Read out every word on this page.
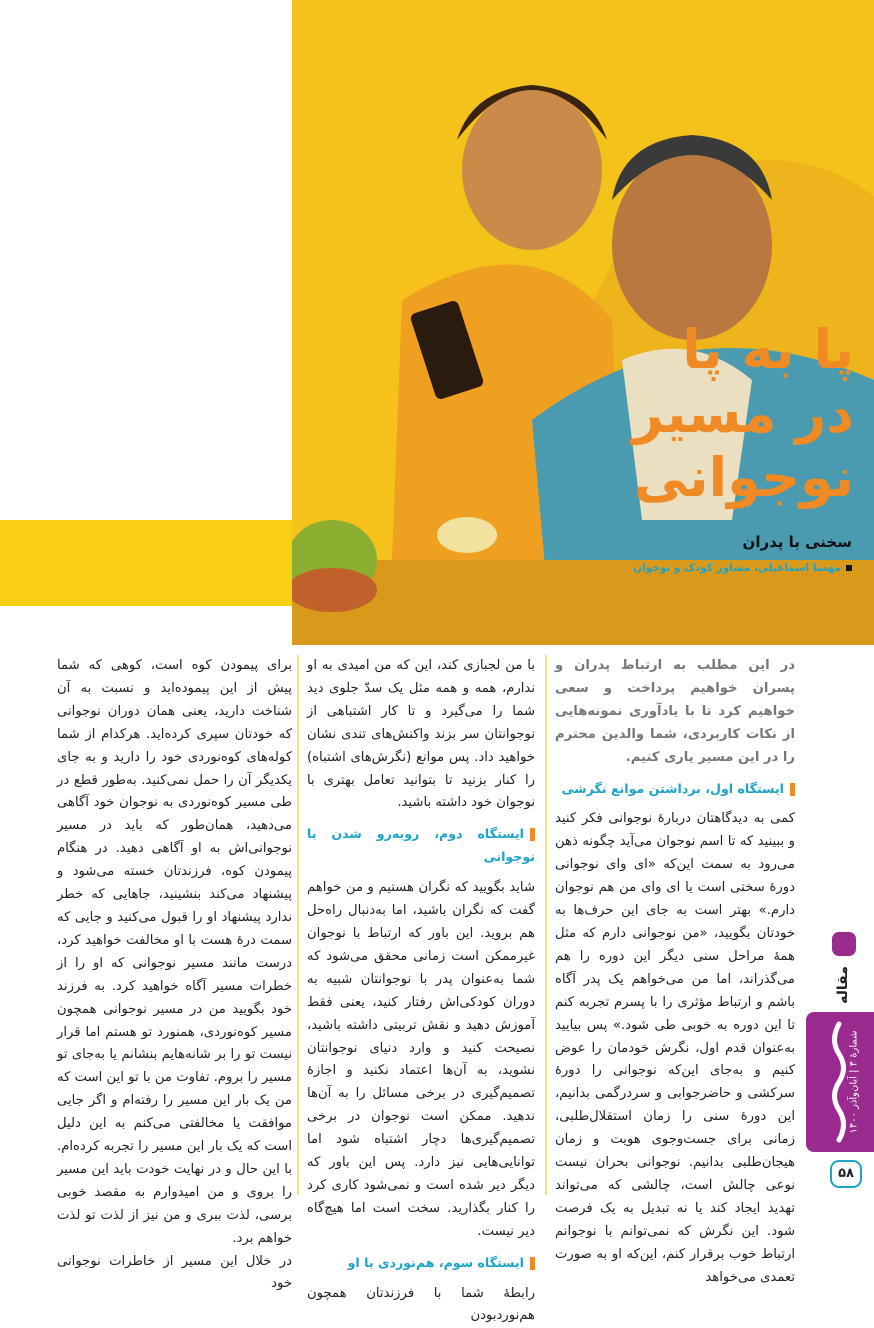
پا به پا
در مسیر
نوجوانی
سخنی با پدران
مهسا اسماعیلی، مشاور کودک و نوجوان

در این مطلب به ارتباط پدران و پسران خواهیم پرداخت و سعی خواهیم کرد تا با یادآوری نمونه‌هایی از نکات کاربردی، شما والدین محترم را در این مسیر یاری کنیم.

ایستگاه اول، برداشتن موانع نگرشی

کمی به دیدگاهتان دربارهٔ نوجوانی فکر کنید و ببینید که تا اسم نوجوان می‌آید چگونه ذهن می‌رود به سمت این‌که «ای وای نوجوانی دورهٔ سختی است یا ای وای من هم نوجوان دارم.» بهتر است به جای این حرف‌ها به خودتان بگویید، «من نوجوانی دارم که مثل همهٔ مراحل سنی دیگر این دوره را هم می‌گذراند، اما من می‌خواهم یک پدر آگاه باشم و ارتباط مؤثری را با پسرم تجربه کنم تا این دوره به خوبی طی شود.» پس بیایید به‌عنوان قدم اول، نگرش خودمان را عوض کنیم و به‌جای این‌که نوجوانی را دورهٔ سرکشی و حاضرجوابی و سردرگمی بدانیم، این دورهٔ سنی را زمان استقلال‌طلبی، زمانی برای جست‌وجوی هویت و زمان هیجان‌طلبی بدانیم. نوجوانی بحران نیست نوعی چالش است، چالشی که می‌تواند تهدید ایجاد کند یا نه تبدیل به یک فرصت شود. این نگرش که نمی‌توانم با نوجوانم ارتباط خوب برقرار کنم، این‌که او به صورت تعمدی می‌خواهد

با من لجبازی کند، این که من امیدی به او ندارم، همه و همه مثل یک سدّ جلوی دید شما را می‌گیرد و تا کار اشتباهی از نوجوانتان سر بزند واکنش‌های تندی نشان خواهید داد. پس موانع (نگرش‌های اشتباه) را کنار بزنید تا بتوانید تعامل بهتری با نوجوان خود داشته باشید.

ایستگاه دوم، روبه‌رو شدن با نوجوانی

شاید بگویید که نگران هستیم و من خواهم گفت که نگران باشید، اما به‌دنبال راه‌حل هم بروید. این باور که ارتباط با نوجوان غیرممکن است زمانی محقق می‌شود که شما به‌عنوان پدر با نوجوانتان شبیه به دوران کودکی‌اش رفتار کنید، یعنی فقط آموزش دهید و نقش تربیتی داشته باشید، نصیحت کنید و وارد دنیای نوجوانتان نشوید، به آن‌ها اعتماد نکنید و اجازهٔ تصمیم‌گیری در برخی مسائل را به آن‌ها ندهید. ممکن است نوجوان در برخی تصمیم‌گیری‌ها دچار اشتباه شود اما توانایی‌هایی نیز دارد. پس این باور که دیگر دیر شده است و نمی‌شود کاری کرد را کنار بگذارید. سخت است اما هیچ‌گاه دیر نیست.

ایستگاه سوم، هم‌نوردی با او

رابطهٔ شما با فرزندتان همچون هم‌نوردبودن

برای پیمودن کوه است، کوهی که شما پیش از این پیموده‌اید و نسبت به آن شناخت دارید، یعنی همان دوران نوجوانی که خودتان سپری کرده‌اید. هرکدام از شما کوله‌های کوه‌نوردی خود را دارید و به جای یکدیگر آن را حمل نمی‌کنید. به‌طور قطع در طی مسیر کوه‌نوردی به نوجوان خود آگاهی می‌دهید، همان‌طور که باید در مسیر نوجوانی‌اش به او آگاهی دهید. در هنگام پیمودن کوه، فرزندتان خسته می‌شود و پیشنهاد می‌کند بنشینید، جاهایی که خطر ندارد پیشنهاد او را قبول می‌کنید و جایی که سمت درهٔ هست با او مخالفت خواهید کرد، درست مانند مسیر نوجوانی که او را از خطرات مسیر آگاه خواهید کرد. به فرزند خود بگویید من در مسیر نوجوانی همچون مسیر کوه‌نوردی، همنورد تو هستم اما قرار نیست تو را بر شانه‌هایم بنشانم یا به‌جای تو مسیر را بروم. تفاوت من با تو این است که من یک بار این مسیر را رفته‌ام و اگر جایی موافقت یا مخالفتی می‌کنم به این دلیل است که یک بار این مسیر را تجربه کرده‌ام. با این حال و در نهایت خودت باید این مسیر را بروی و من امیدوارم به مقصد خوبی برسی، لذت ببری و من نیز از لذت تو لذت خواهم برد.

در خلال این مسیر از خاطرات نوجوانی خود

مقاله
شمارهٔ ۴ | آبان‌وآذر ۱۴۰۰
۵۸
